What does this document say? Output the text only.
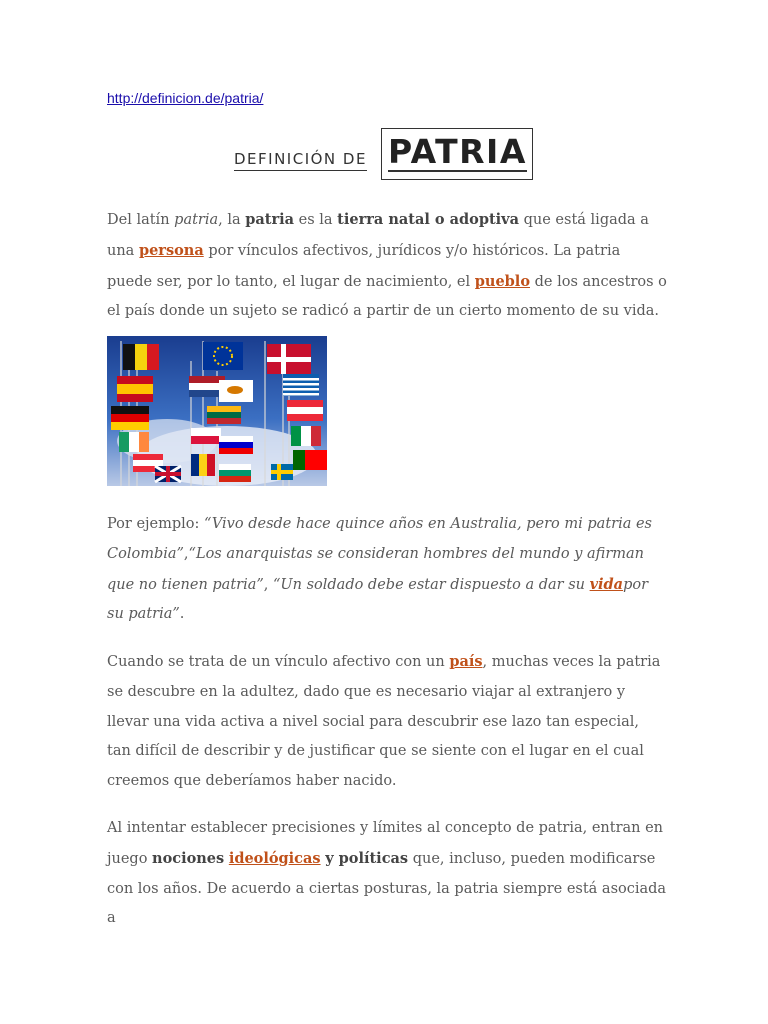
http://definicion.de/patria/
DEFINICIÓN DE PATRIA

Del latín patria, la patria es la tierra natal o adoptiva que está ligada a una persona por vínculos afectivos, jurídicos y/o históricos. La patria puede ser, por lo tanto, el lugar de nacimiento, el pueblo de los ancestros o el país donde un sujeto se radicó a partir de un cierto momento de su vida.

Por ejemplo: “Vivo desde hace quince años en Australia, pero mi patria es Colombia”,“Los anarquistas se consideran hombres del mundo y afirman que no tienen patria”, “Un soldado debe estar dispuesto a dar su vidapor su patria”.

Cuando se trata de un vínculo afectivo con un país, muchas veces la patria se descubre en la adultez, dado que es necesario viajar al extranjero y llevar una vida activa a nivel social para descubrir ese lazo tan especial, tan difícil de describir y de justificar que se siente con el lugar en el cual creemos que deberíamos haber nacido.

Al intentar establecer precisiones y límites al concepto de patria, entran en juego nociones ideológicas y políticas que, incluso, pueden modificarse con los años. De acuerdo a ciertas posturas, la patria siempre está asociada a
